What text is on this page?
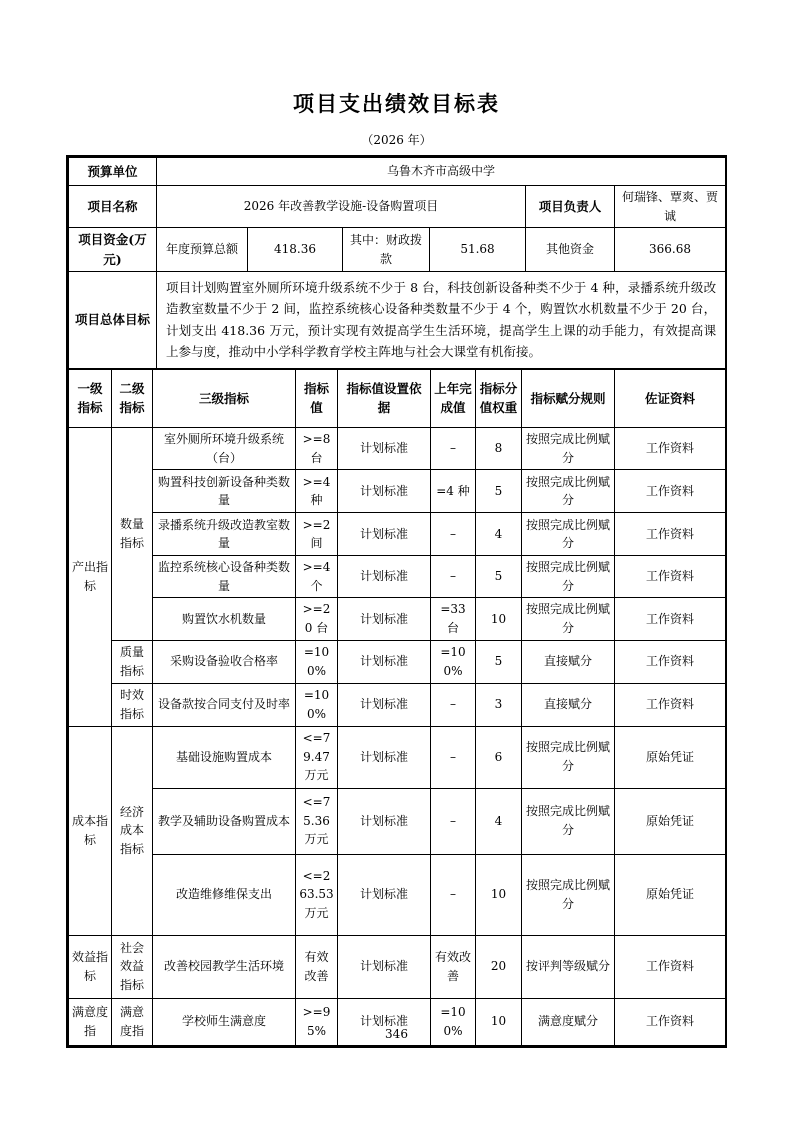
项目支出绩效目标表
（2026 年）
预算单位	乌鲁木齐市高级中学					
项目名称	2026 年改善教学设施-设备购置项目				项目负责人	何瑞锋、覃爽、贾诚
项目资金(万元)	年度预算总额	418.36	其中：财政拨款	51.68	其他资金	366.68
项目总体目标	项目计划购置室外厕所环境升级系统不少于 8 台，科技创新设备种类不少于 4 种，录播系统升级改造教室数量不少于 2 间，监控系统核心设备种类数量不少于 4 个，购置饮水机数量不少于 20 台，计划支出 418.36 万元，预计实现有效提高学生生活环境，提高学生上课的动手能力，有效提高课上参与度，推动中小学科学教育学校主阵地与社会大课堂有机衔接。					
一级指标	二级指标	三级指标	指标值	指标值设置依据	上年完成值	指标分值权重	指标赋分规则	佐证资料
产出指标	数量指标	室外厕所环境升级系统（台）	>=8 台	计划标准	–	8	按照完成比例赋分	工作资料
		购置科技创新设备种类数量	>=4 种	计划标准	=4 种	5	按照完成比例赋分	工作资料
		录播系统升级改造教室数量	>=2 间	计划标准	–	4	按照完成比例赋分	工作资料
		监控系统核心设备种类数量	>=4 个	计划标准	–	5	按照完成比例赋分	工作资料
		购置饮水机数量	>=20 台	计划标准	=33 台	10	按照完成比例赋分	工作资料
	质量指标	采购设备验收合格率	=100%	计划标准	=100%	5	直接赋分	工作资料
	时效指标	设备款按合同支付及时率	=100%	计划标准	–	3	直接赋分	工作资料
成本指标	经济成本指标	基础设施购置成本	<=79.47 万元	计划标准	–	6	按照完成比例赋分	原始凭证
		教学及辅助设备购置成本	<=75.36 万元	计划标准	–	4	按照完成比例赋分	原始凭证
		改造维修维保支出	<=263.53 万元	计划标准	–	10	按照完成比例赋分	原始凭证
效益指标	社会效益指标	改善校园教学生活环境	有效改善	计划标准	有效改善	20	按评判等级赋分	工作资料
满意度指	满意度指	学校师生满意度	>=95%	计划标准	=100%	10	满意度赋分	工作资料
346
